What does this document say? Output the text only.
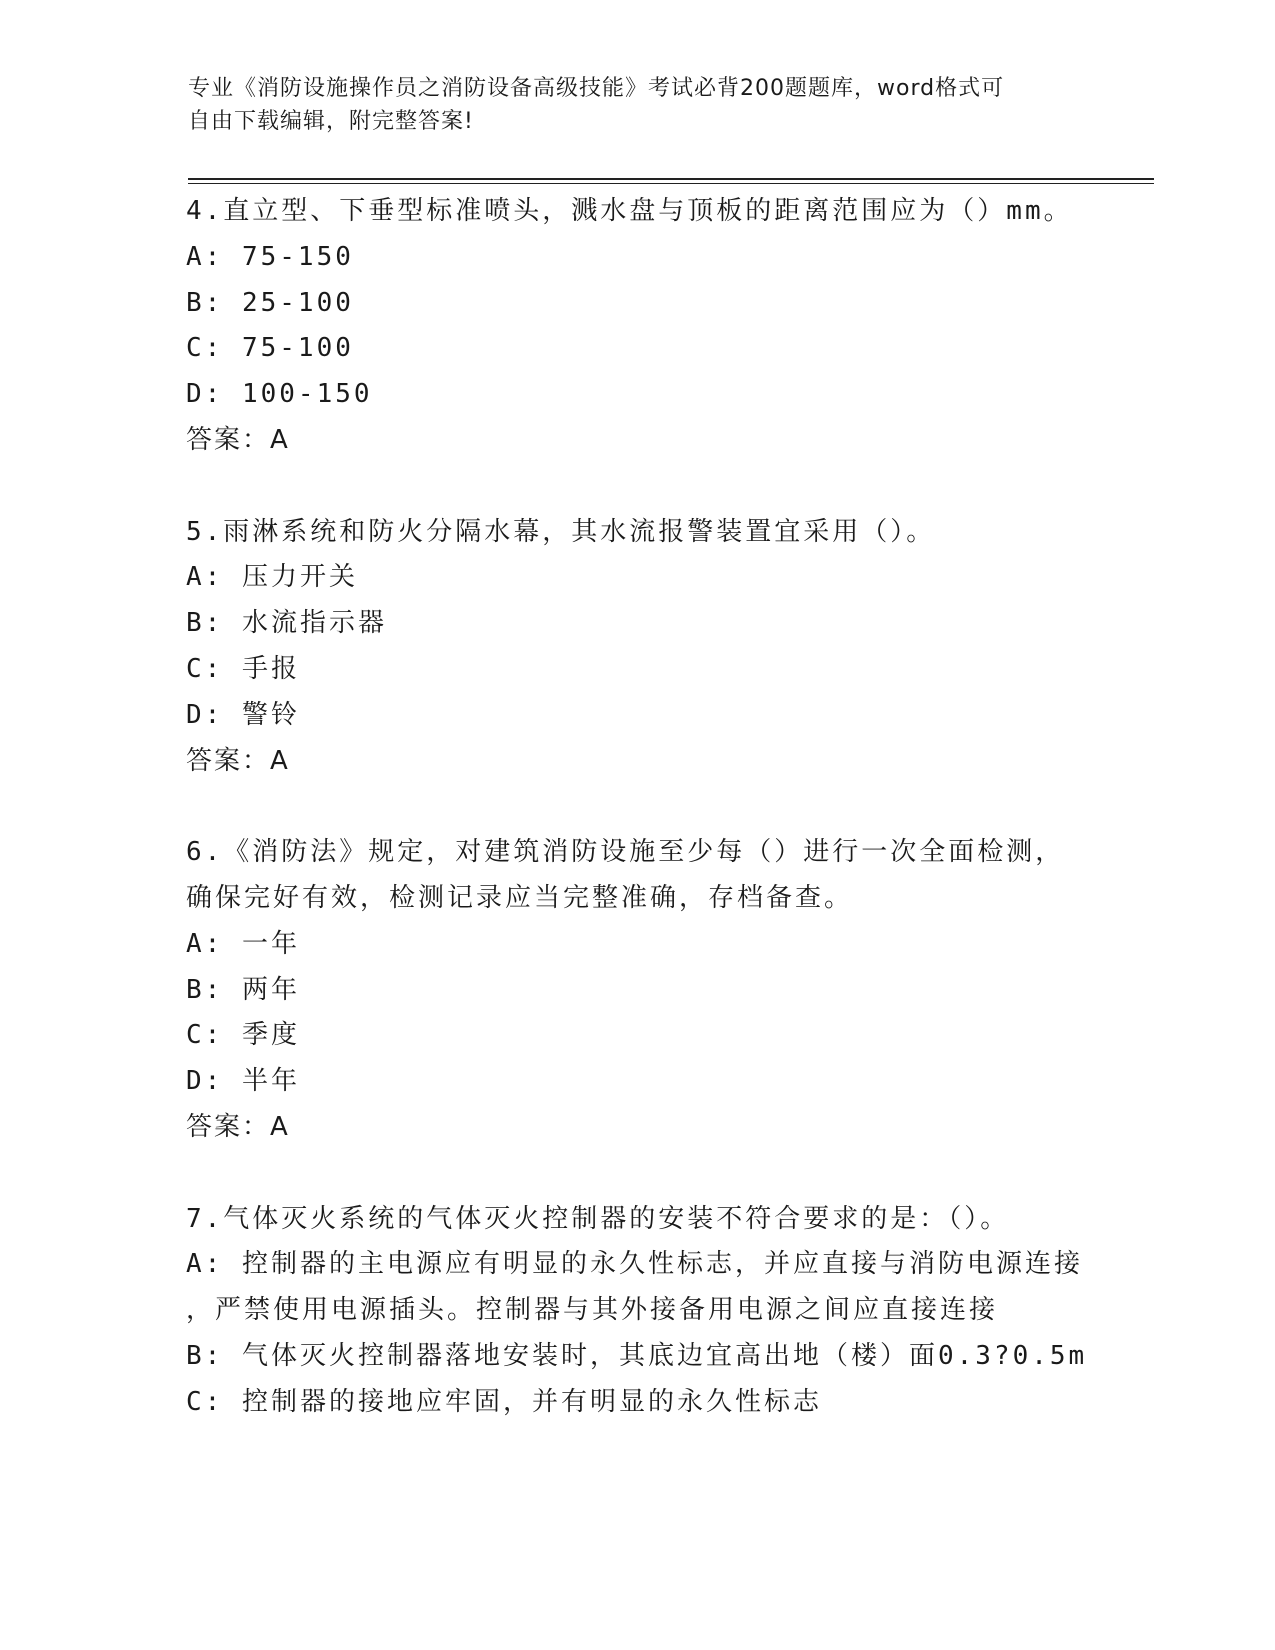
专业《消防设施操作员之消防设备高级技能》考试必背200题题库，word格式可
自由下载编辑，附完整答案!
4.直立型、下垂型标准喷头，溅水盘与顶板的距离范围应为（）mm。
A: 75-150
B: 25-100
C: 75-100
D: 100-150
答案：A
5.雨淋系统和防火分隔水幕，其水流报警装置宜采用（）。
A: 压力开关
B: 水流指示器
C: 手报
D: 警铃
答案：A
6.《消防法》规定，对建筑消防设施至少每（）进行一次全面检测，
确保完好有效，检测记录应当完整准确，存档备查。
A: 一年
B: 两年
C: 季度
D: 半年
答案：A
7.气体灭火系统的气体灭火控制器的安装不符合要求的是：（）。
A: 控制器的主电源应有明显的永久性标志，并应直接与消防电源连接
，严禁使用电源插头。控制器与其外接备用电源之间应直接连接
B: 气体灭火控制器落地安装时，其底边宜高出地（楼）面0.3?0.5m
C: 控制器的接地应牢固，并有明显的永久性标志
